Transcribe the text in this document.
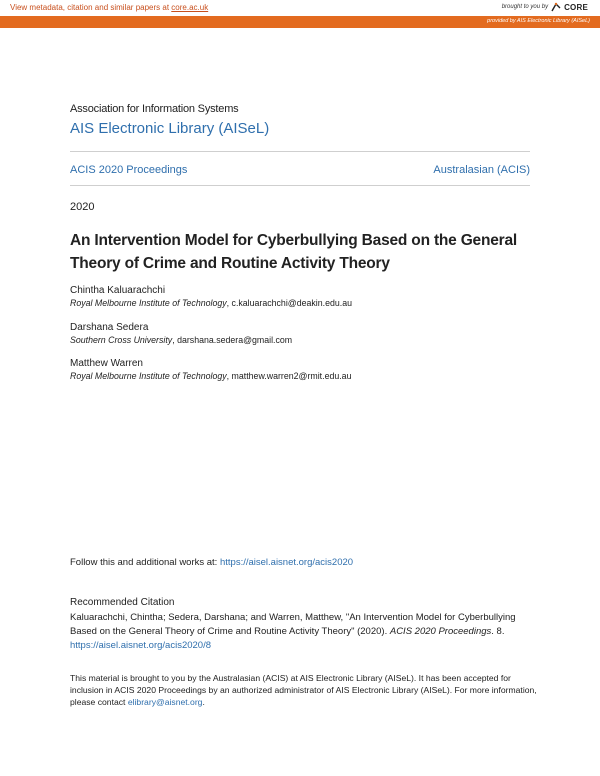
View metadata, citation and similar papers at core.ac.uk	brought to you by CORE
provided by AIS Electronic Library (AISeL)
Association for Information Systems
AIS Electronic Library (AISeL)
ACIS 2020 Proceedings	Australasian (ACIS)
2020
An Intervention Model for Cyberbullying Based on the General Theory of Crime and Routine Activity Theory
Chintha Kaluarachchi
Royal Melbourne Institute of Technology, c.kaluarachchi@deakin.edu.au
Darshana Sedera
Southern Cross University, darshana.sedera@gmail.com
Matthew Warren
Royal Melbourne Institute of Technology, matthew.warren2@rmit.edu.au
Follow this and additional works at: https://aisel.aisnet.org/acis2020
Recommended Citation
Kaluarachchi, Chintha; Sedera, Darshana; and Warren, Matthew, "An Intervention Model for Cyberbullying Based on the General Theory of Crime and Routine Activity Theory" (2020). ACIS 2020 Proceedings. 8.
https://aisel.aisnet.org/acis2020/8
This material is brought to you by the Australasian (ACIS) at AIS Electronic Library (AISeL). It has been accepted for inclusion in ACIS 2020 Proceedings by an authorized administrator of AIS Electronic Library (AISeL). For more information, please contact elibrary@aisnet.org.
